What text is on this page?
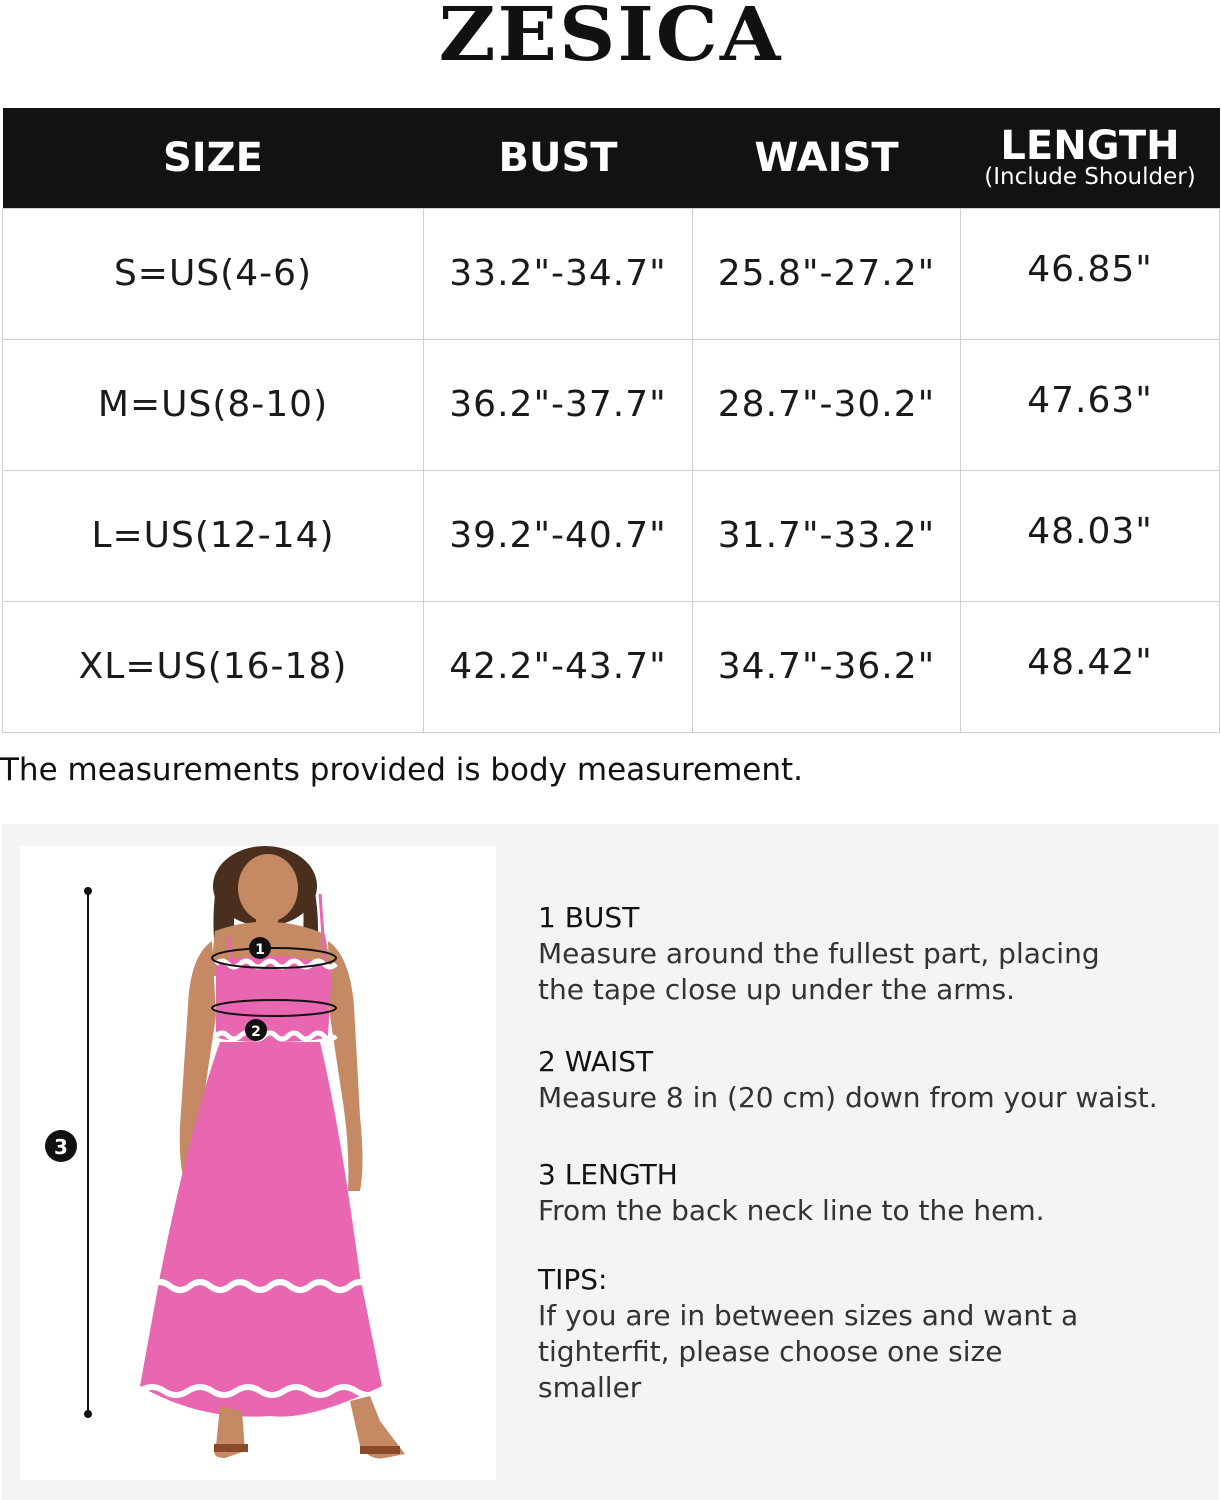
ZESICA
SIZE	BUST	WAIST	LENGTH
(Include Shoulder)

S=US(4-6)	33.2"-34.7"	25.8"-27.2"	46.85"
M=US(8-10)	36.2"-37.7"	28.7"-30.2"	47.63"
L=US(12-14)	39.2"-40.7"	31.7"-33.2"	48.03"
XL=US(16-18)	42.2"-43.7"	34.7"-36.2"	48.42"
The measurements provided is body measurement.
3
1
2
1 BUST
Measure around the fullest part, placing
the tape close up under the arms.
2 WAIST
Measure 8 in (20 cm) down from your waist.
3 LENGTH
From the back neck line to the hem.
TIPS:
If you are in between sizes and want a
tighterfit, please choose one size
smaller
